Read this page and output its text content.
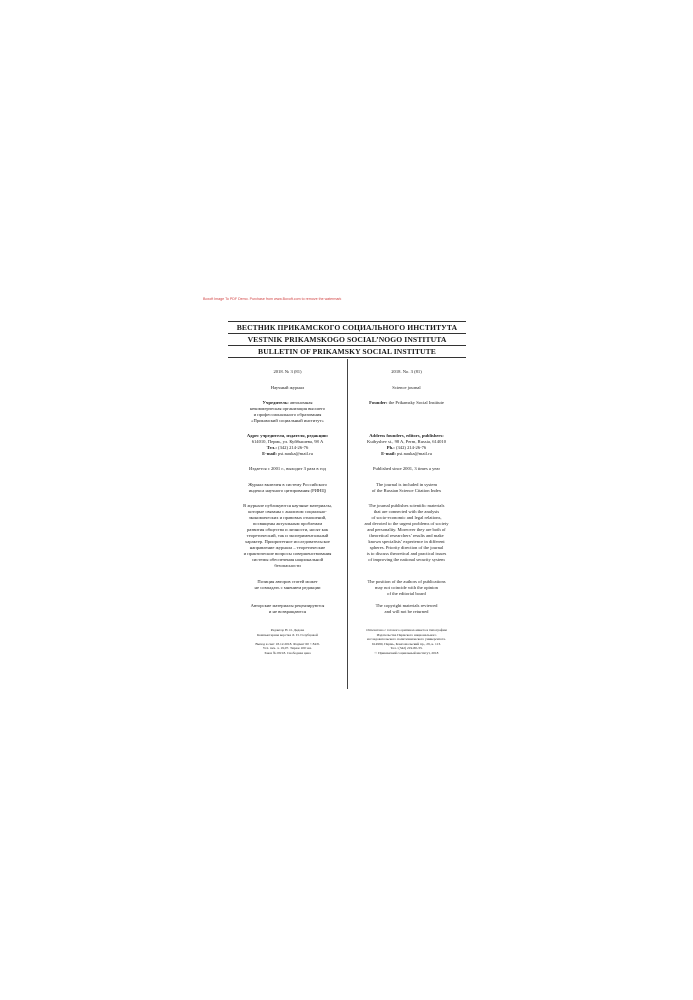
Boxoft Image To PDF Demo. Purchase from www.Boxoft.com to remove the watermark
ВЕСТНИК ПРИКАМСКОГО СОЦИАЛЬНОГО ИНСТИТУТА
VESTNIK PRIKAMSKOGO SOCIAL’NOGO INSTITUTA
BULLETIN OF PRIKAMSKY SOCIAL INSTITUTE
2018. № 3 (81)
Научный журнал
Учредитель: автономная
некоммерческая организация высшего
и профессионального образования
«Прикамский социальный институт»
Адрес учредителя, издателя, редакции:
614010, Пермь, ул. Куйбышева, 98 А
Тел.: (342) 214-26-76
E-mail: psi.nauka@mail.ru
Издается с 2001 г., выходит 3 раза в год
Журнал включен в систему Российского
индекса научного цитирования (РИНЦ)
В журнале публикуются научные материалы,
которые связаны с анализом социально-
экономических и правовых отношений,
посвящены актуальным проблемам
развития общества и личности, носят как
теоретический, так и экспериментальный
характер. Приоритетное исследовательское
направление журнала – теоретические
и практические вопросы совершенствования
системы обеспечения национальной
безопасности
Позиция авторов статей может
не совпадать с мнением редакции
Авторские материалы рецензируются
и не возвращаются
Редактор Н. О. Дедова
Компьютерная верстка Л. П. Голубцовой

Выход в свет 18.12.2018. Формат 60 × 84/8.
Усл. печ. л. 19,07. Тираж 100 экз.
Заказ № 09/18. Свободная цена
2018. No. 3 (81)
Science journal
Founder: the Prikamsky Social Institute
Address founders, editors, publishers:
Kuibyshev st., 98 A, Perm, Russia, 614010
Ph.: (342) 214-26-76
E-mail: psi.nauka@mail.ru
Published since 2001, 3 times a year
The journal is included in system
of the Russian Science Citation Index
The journal publishes scientific materials
that are connected with the analysis
of socio-economic and legal relations,
and devoted to the urgent problems of society
and personality. Moreover they are both of
theoretical researchers’ results and make
known specialists’ experience in different
spheres. Priority direction of the journal
is to discuss theoretical and practical issues
of improving the national security system
The position of the authors of publications
may not coincide with the opinion
of the editorial board
The copyright materials reviewed
and will not be returned
Отпечатано с готового оригинал-макета в типографии
Издательства Пермского национального
исследовательского политехнического университета.
614990, Пермь, Комсомольский пр., 29, к. 113.
Тел.: (342) 219-80-33.
© Прикамский социальный институт, 2018
